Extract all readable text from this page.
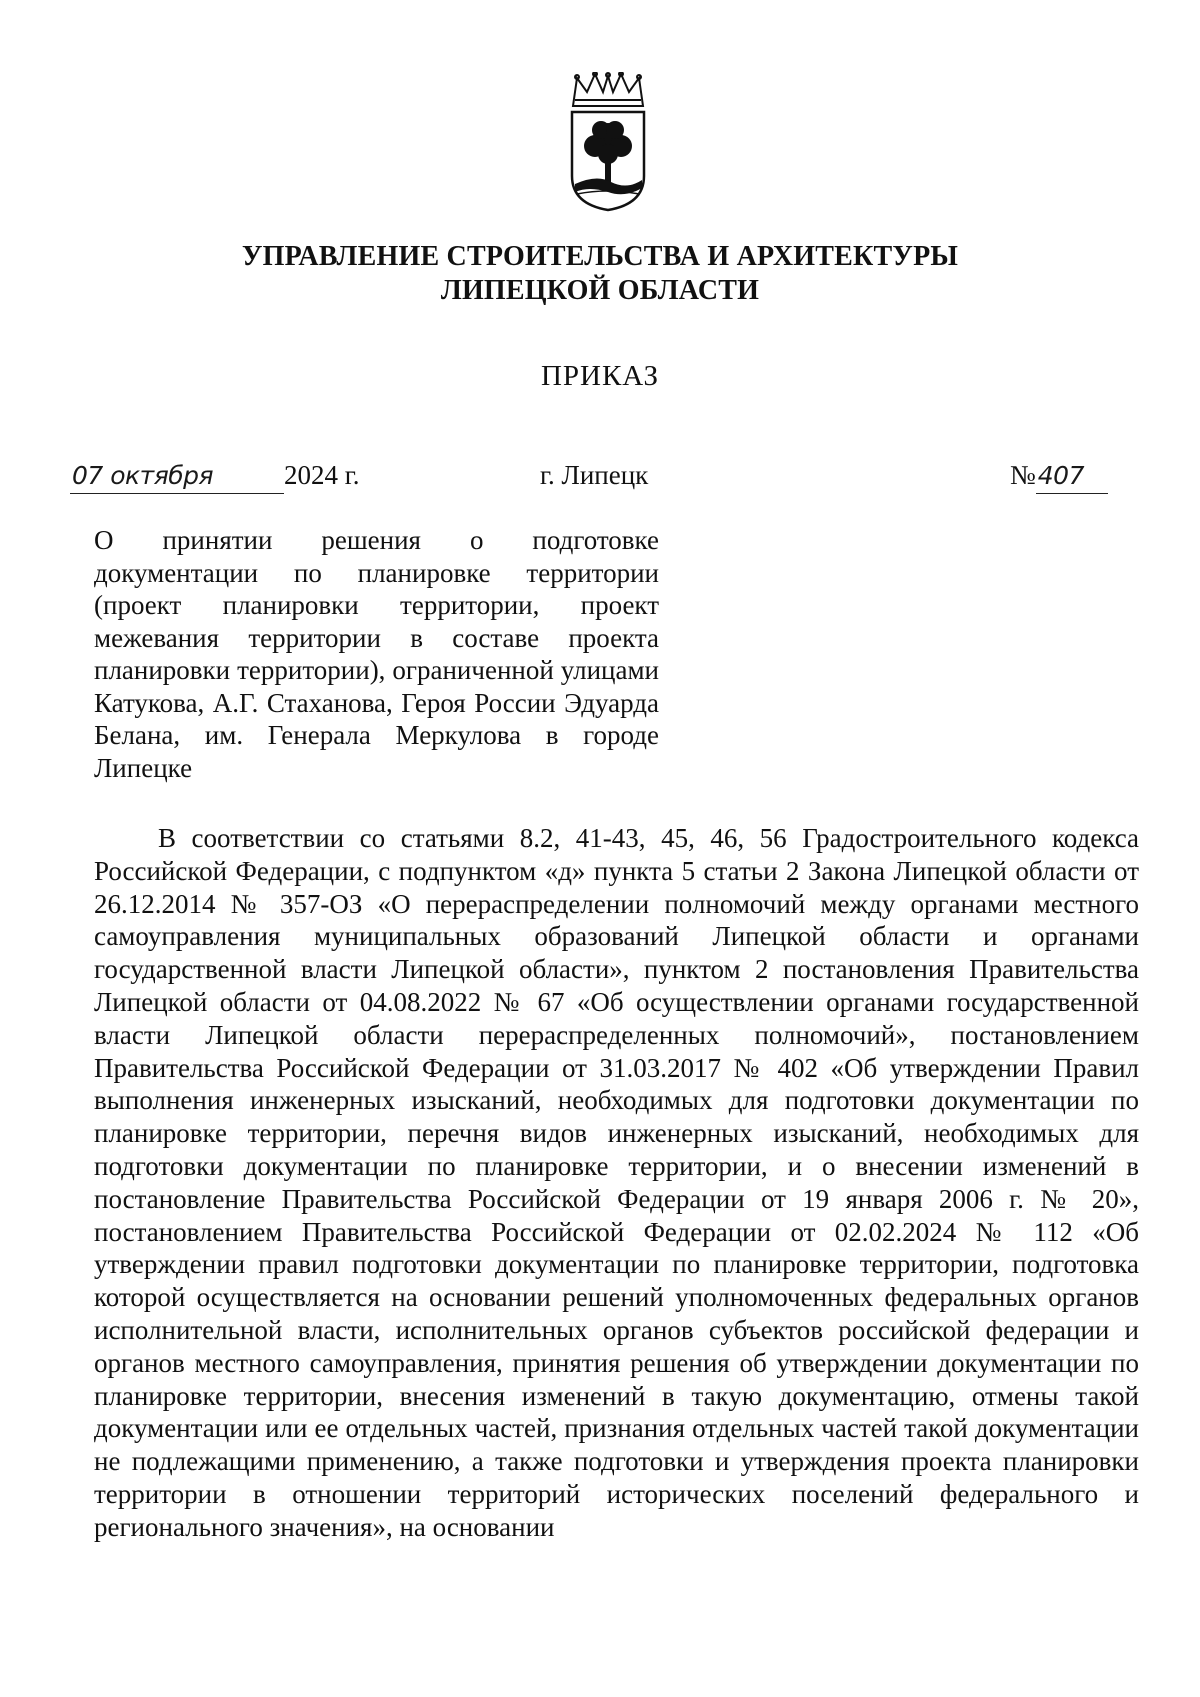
УПРАВЛЕНИЕ СТРОИТЕЛЬСТВА И АРХИТЕКТУРЫ
ЛИПЕЦКОЙ ОБЛАСТИ
ПРИКАЗ
07 октября	2024 г.	г. Липецк	№407
О принятии решения о подготовке документации по планировке территории (проект планировки территории, проект межевания территории в составе проекта планировки территории), ограниченной улицами Катукова, А.Г. Стаханова, Героя России Эдуарда Белана, им. Генерала Меркулова в городе Липецке
В соответствии со статьями 8.2, 41-43, 45, 46, 56 Градостроительного кодекса Российской Федерации, с подпунктом «д» пункта 5 статьи 2 Закона Липецкой области от 26.12.2014 № 357-ОЗ «О перераспределении полномочий между органами местного самоуправления муниципальных образований Липецкой области и органами государственной власти Липецкой области», пунктом 2 постановления Правительства Липецкой области от 04.08.2022 № 67 «Об осуществлении органами государственной власти Липецкой области перераспределенных полномочий», постановлением Правительства Российской Федерации от 31.03.2017 № 402 «Об утверждении Правил выполнения инженерных изысканий, необходимых для подготовки документации по планировке территории, перечня видов инженерных изысканий, необходимых для подготовки документации по планировке территории, и о внесении изменений в постановление Правительства Российской Федерации от 19 января 2006 г. № 20», постановлением Правительства Российской Федерации от 02.02.2024 № 112 «Об утверждении правил подготовки документации по планировке территории, подготовка которой осуществляется на основании решений уполномоченных федеральных органов исполнительной власти, исполнительных органов субъектов российской федерации и органов местного самоуправления, принятия решения об утверждении документации по планировке территории, внесения изменений в такую документацию, отмены такой документации или ее отдельных частей, признания отдельных частей такой документации не подлежащими применению, а также подготовки и утверждения проекта планировки территории в отношении территорий исторических поселений федерального и регионального значения», на основании
